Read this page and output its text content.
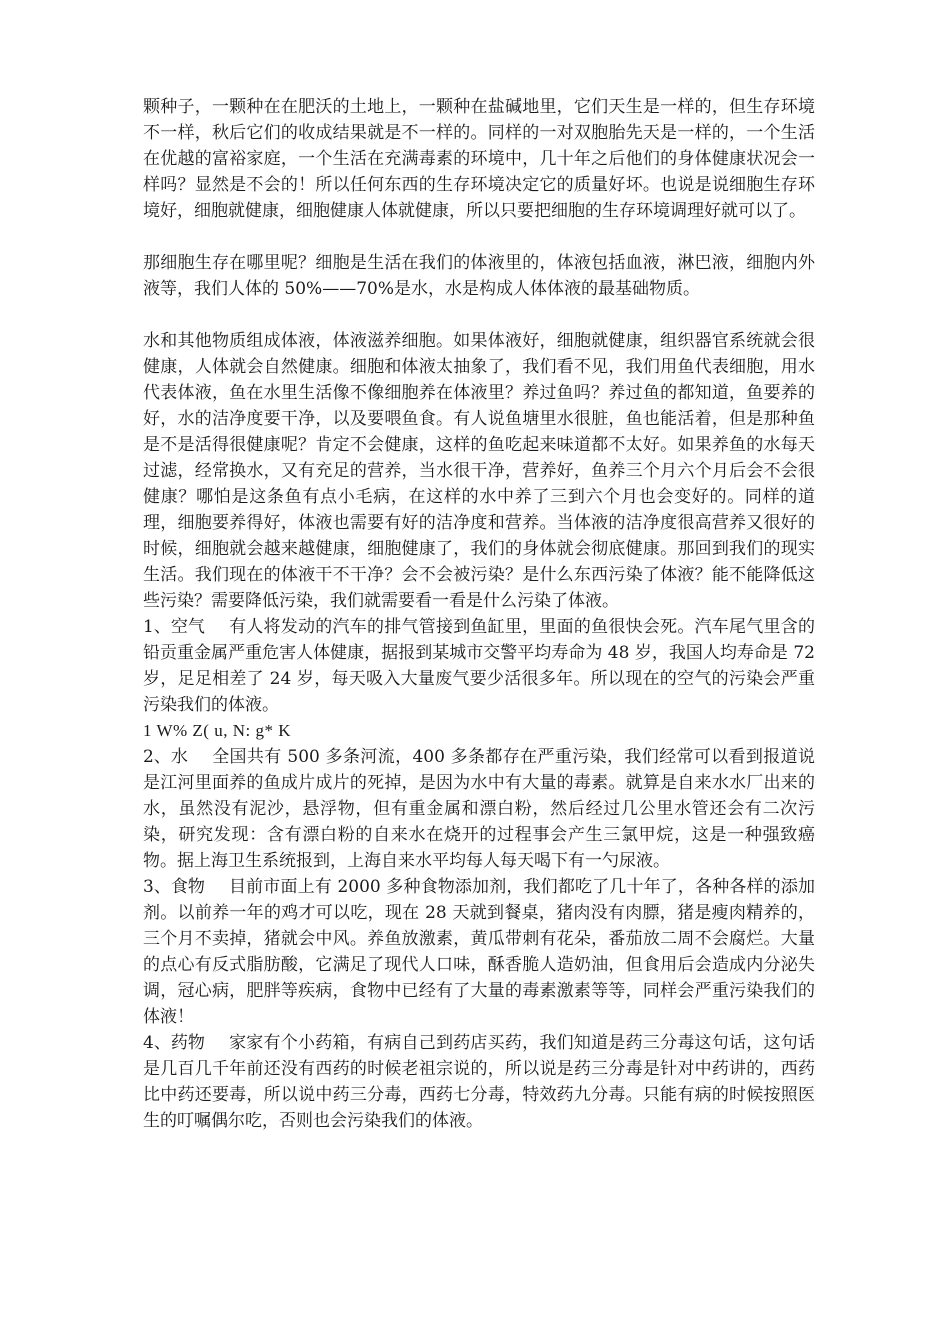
颗种子，一颗种在在肥沃的土地上，一颗种在盐碱地里，它们天生是一样的，但生存环境不一样，秋后它们的收成结果就是不一样的。同样的一对双胞胎先天是一样的，一个生活在优越的富裕家庭，一个生活在充满毒素的环境中，几十年之后他们的身体健康状况会一样吗？显然是不会的！所以任何东西的生存环境决定它的质量好坏。也说是说细胞生存环境好，细胞就健康，细胞健康人体就健康，所以只要把细胞的生存环境调理好就可以了。

那细胞生存在哪里呢？细胞是生活在我们的体液里的，体液包括血液，淋巴液，细胞内外液等，我们人体的 50%——70%是水，水是构成人体体液的最基础物质。

水和其他物质组成体液，体液滋养细胞。如果体液好，细胞就健康，组织器官系统就会很健康，人体就会自然健康。细胞和体液太抽象了，我们看不见，我们用鱼代表细胞，用水代表体液，鱼在水里生活像不像细胞养在体液里？养过鱼吗？养过鱼的都知道，鱼要养的好，水的洁净度要干净，以及要喂鱼食。有人说鱼塘里水很脏，鱼也能活着，但是那种鱼是不是活得很健康呢？肯定不会健康，这样的鱼吃起来味道都不太好。如果养鱼的水每天过滤，经常换水，又有充足的营养，当水很干净，营养好，鱼养三个月六个月后会不会很健康？哪怕是这条鱼有点小毛病，在这样的水中养了三到六个月也会变好的。同样的道理，细胞要养得好，体液也需要有好的洁净度和营养。当体液的洁净度很高营养又很好的时候，细胞就会越来越健康，细胞健康了，我们的身体就会彻底健康。那回到我们的现实生活。我们现在的体液干不干净？会不会被污染？是什么东西污染了体液？能不能降低这些污染？需要降低污染，我们就需要看一看是什么污染了体液。

1、空气 有人将发动的汽车的排气管接到鱼缸里，里面的鱼很快会死。汽车尾气里含的铅贡重金属严重危害人体健康，据报到某城市交警平均寿命为 48 岁，我国人均寿命是 72 岁，足足相差了 24 岁，每天吸入大量废气要少活很多年。所以现在的空气的污染会严重污染我们的体液。

1 W% Z( u, N: g* K

2、水 全国共有 500 多条河流，400 多条都存在严重污染，我们经常可以看到报道说是江河里面养的鱼成片成片的死掉，是因为水中有大量的毒素。就算是自来水水厂出来的水，虽然没有泥沙，悬浮物，但有重金属和漂白粉，然后经过几公里水管还会有二次污染，研究发现：含有漂白粉的自来水在烧开的过程事会产生三氯甲烷，这是一种强致癌物。据上海卫生系统报到，上海自来水平均每人每天喝下有一勺尿液。

3、食物 目前市面上有 2000 多种食物添加剂，我们都吃了几十年了，各种各样的添加剂。以前养一年的鸡才可以吃，现在 28 天就到餐桌，猪肉没有肉膘，猪是瘦肉精养的，三个月不卖掉，猪就会中风。养鱼放激素，黄瓜带刺有花朵，番茄放二周不会腐烂。大量的点心有反式脂肪酸，它满足了现代人口味，酥香脆人造奶油，但食用后会造成内分泌失调，冠心病，肥胖等疾病，食物中已经有了大量的毒素激素等等，同样会严重污染我们的体液！

4、药物 家家有个小药箱，有病自己到药店买药，我们知道是药三分毒这句话，这句话是几百几千年前还没有西药的时候老祖宗说的，所以说是药三分毒是针对中药讲的，西药比中药还要毒，所以说中药三分毒，西药七分毒，特效药九分毒。只能有病的时候按照医生的叮嘱偶尔吃，否则也会污染我们的体液。
